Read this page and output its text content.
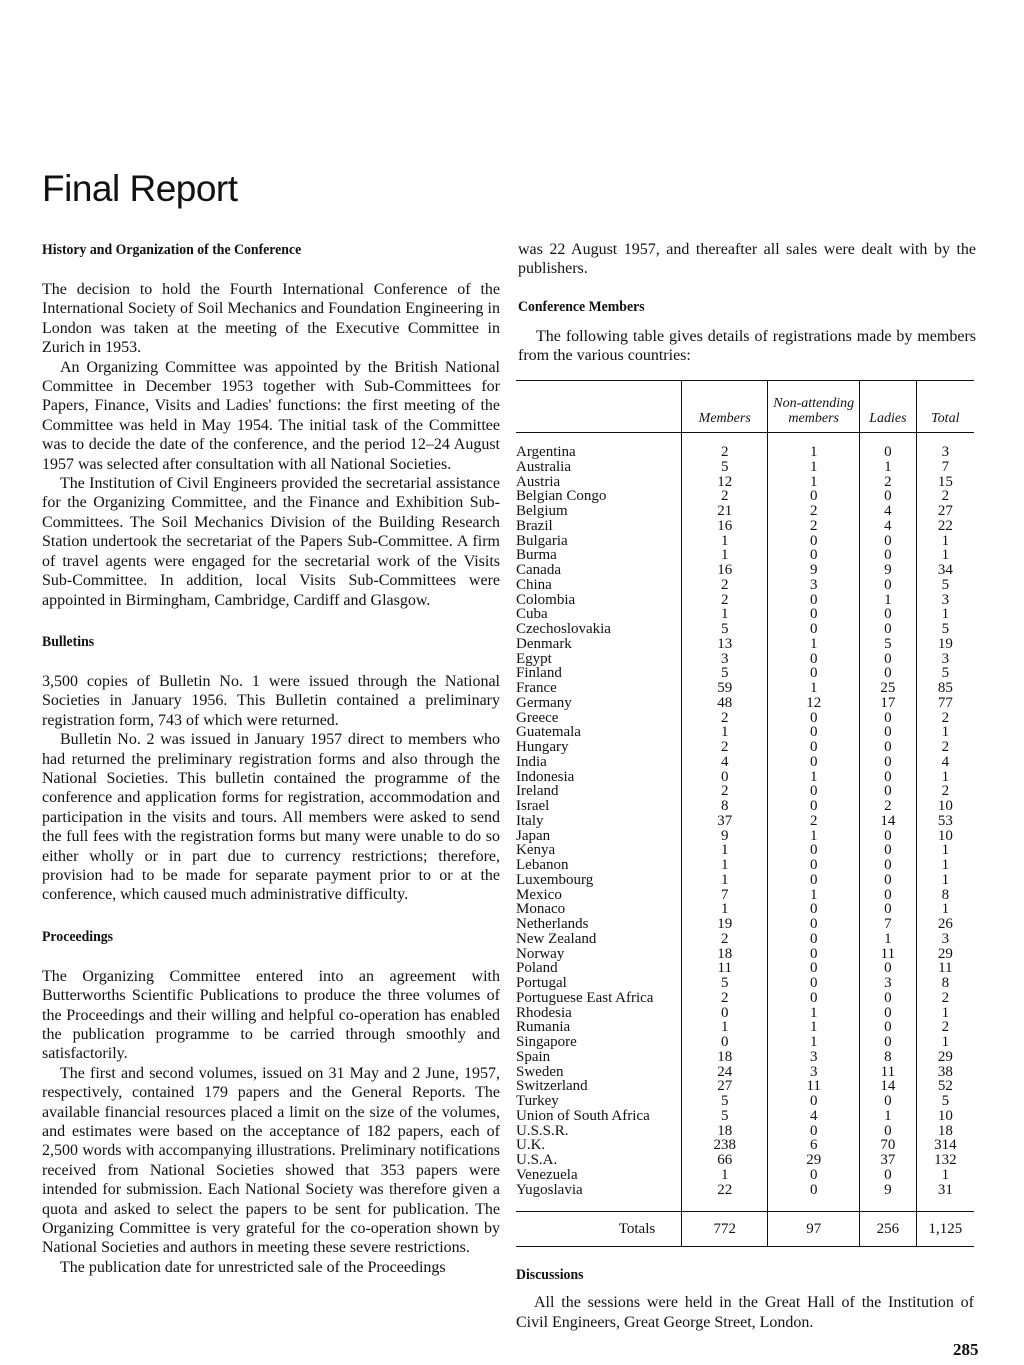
Final Report
History and Organization of the Conference

The decision to hold the Fourth International Conference of the International Society of Soil Mechanics and Foundation Engineering in London was taken at the meeting of the Executive Committee in Zurich in 1953.

An Organizing Committee was appointed by the British National Committee in December 1953 together with Sub-Committees for Papers, Finance, Visits and Ladies' functions: the first meeting of the Committee was held in May 1954. The initial task of the Committee was to decide the date of the conference, and the period 12–24 August 1957 was selected after consultation with all National Societies.

The Institution of Civil Engineers provided the secretarial assistance for the Organizing Committee, and the Finance and Exhibition Sub-Committees. The Soil Mechanics Division of the Building Research Station undertook the secretariat of the Papers Sub-Committee. A firm of travel agents were engaged for the secretarial work of the Visits Sub-Committee. In addition, local Visits Sub-Committees were appointed in Birmingham, Cambridge, Cardiff and Glasgow.

Bulletins

3,500 copies of Bulletin No. 1 were issued through the National Societies in January 1956. This Bulletin contained a preliminary registration form, 743 of which were returned.

Bulletin No. 2 was issued in January 1957 direct to members who had returned the preliminary registration forms and also through the National Societies. This bulletin contained the programme of the conference and application forms for registration, accommodation and participation in the visits and tours. All members were asked to send the full fees with the registration forms but many were unable to do so either wholly or in part due to currency restrictions; therefore, provision had to be made for separate payment prior to or at the conference, which caused much administrative difficulty.

Proceedings

The Organizing Committee entered into an agreement with Butterworths Scientific Publications to produce the three volumes of the Proceedings and their willing and helpful co-operation has enabled the publication programme to be carried through smoothly and satisfactorily.

The first and second volumes, issued on 31 May and 2 June, 1957, respectively, contained 179 papers and the General Reports. The available financial resources placed a limit on the size of the volumes, and estimates were based on the acceptance of 182 papers, each of 2,500 words with accompanying illustrations. Preliminary notifications received from National Societies showed that 353 papers were intended for submission. Each National Society was therefore given a quota and asked to select the papers to be sent for publication. The Organizing Committee is very grateful for the co-operation shown by National Societies and authors in meeting these severe restrictions.

The publication date for unrestricted sale of the Proceedings

was 22 August 1957, and thereafter all sales were dealt with by the publishers.

Conference Members

The following table gives details of registrations made by members from the various countries:

	Members	Non-attending members	Ladies	Total

Argentina	2	1	0	3
Australia	5	1	1	7
Austria	12	1	2	15
Belgian Congo	2	0	0	2
Belgium	21	2	4	27
Brazil	16	2	4	22
Bulgaria	1	0	0	1
Burma	1	0	0	1
Canada	16	9	9	34
China	2	3	0	5
Colombia	2	0	1	3
Cuba	1	0	0	1
Czechoslovakia	5	0	0	5
Denmark	13	1	5	19
Egypt	3	0	0	3
Finland	5	0	0	5
France	59	1	25	85
Germany	48	12	17	77
Greece	2	0	0	2
Guatemala	1	0	0	1
Hungary	2	0	0	2
India	4	0	0	4
Indonesia	0	1	0	1
Ireland	2	0	0	2
Israel	8	0	2	10
Italy	37	2	14	53
Japan	9	1	0	10
Kenya	1	0	0	1
Lebanon	1	0	0	1
Luxembourg	1	0	0	1
Mexico	7	1	0	8
Monaco	1	0	0	1
Netherlands	19	0	7	26
New Zealand	2	0	1	3
Norway	18	0	11	29
Poland	11	0	0	11
Portugal	5	0	3	8
Portuguese East Africa	2	0	0	2
Rhodesia	0	1	0	1
Rumania	1	1	0	2
Singapore	0	1	0	1
Spain	18	3	8	29
Sweden	24	3	11	38
Switzerland	27	11	14	52
Turkey	5	0	0	5
Union of South Africa	5	4	1	10
U.S.S.R.	18	0	0	18
U.K.	238	6	70	314
U.S.A.	66	29	37	132
Venezuela	1	0	0	1
Yugoslavia	22	0	9	31

Totals	772	97	256	1,125
Discussions

All the sessions were held in the Great Hall of the Institution of Civil Engineers, Great George Street, London.

285
